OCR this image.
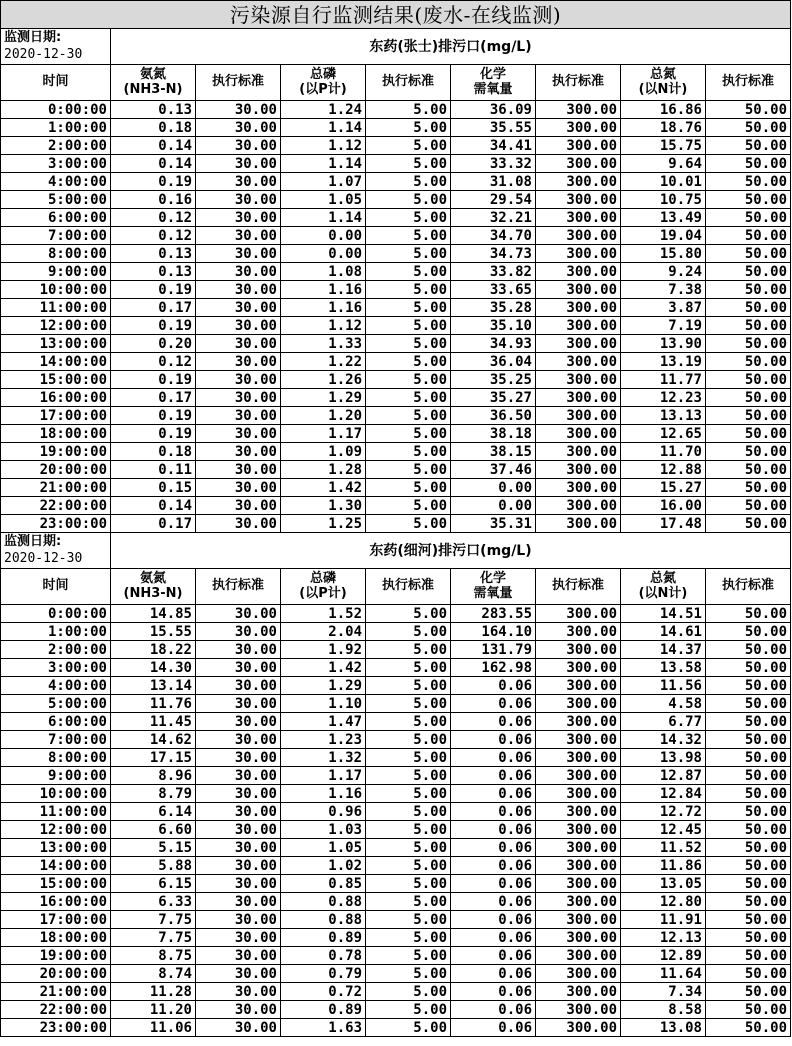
污染源自行监测结果(废水-在线监测)								

监测日期:
2020-12-30	东药(张士)排污口(mg/L)							

时间	氨氮
(NH3-N)	执行标准	总磷
(以P计)	执行标准	化学
需氧量	执行标准	总氮
(以N计)	执行标准

0:00:00	0.13	30.00	1.24	5.00	36.09	300.00	16.86	50.00
1:00:00	0.18	30.00	1.14	5.00	35.55	300.00	18.76	50.00
2:00:00	0.14	30.00	1.12	5.00	34.41	300.00	15.75	50.00
3:00:00	0.14	30.00	1.14	5.00	33.32	300.00	9.64	50.00
4:00:00	0.19	30.00	1.07	5.00	31.08	300.00	10.01	50.00
5:00:00	0.16	30.00	1.05	5.00	29.54	300.00	10.75	50.00
6:00:00	0.12	30.00	1.14	5.00	32.21	300.00	13.49	50.00
7:00:00	0.12	30.00	0.00	5.00	34.70	300.00	19.04	50.00
8:00:00	0.13	30.00	0.00	5.00	34.73	300.00	15.80	50.00
9:00:00	0.13	30.00	1.08	5.00	33.82	300.00	9.24	50.00
10:00:00	0.19	30.00	1.16	5.00	33.65	300.00	7.38	50.00
11:00:00	0.17	30.00	1.16	5.00	35.28	300.00	3.87	50.00
12:00:00	0.19	30.00	1.12	5.00	35.10	300.00	7.19	50.00
13:00:00	0.20	30.00	1.33	5.00	34.93	300.00	13.90	50.00
14:00:00	0.12	30.00	1.22	5.00	36.04	300.00	13.19	50.00
15:00:00	0.19	30.00	1.26	5.00	35.25	300.00	11.77	50.00
16:00:00	0.17	30.00	1.29	5.00	35.27	300.00	12.23	50.00
17:00:00	0.19	30.00	1.20	5.00	36.50	300.00	13.13	50.00
18:00:00	0.19	30.00	1.17	5.00	38.18	300.00	12.65	50.00
19:00:00	0.18	30.00	1.09	5.00	38.15	300.00	11.70	50.00
20:00:00	0.11	30.00	1.28	5.00	37.46	300.00	12.88	50.00
21:00:00	0.15	30.00	1.42	5.00	0.00	300.00	15.27	50.00
22:00:00	0.14	30.00	1.30	5.00	0.00	300.00	16.00	50.00
23:00:00	0.17	30.00	1.25	5.00	35.31	300.00	17.48	50.00

监测日期:
2020-12-30	东药(细河)排污口(mg/L)							

时间	氨氮
(NH3-N)	执行标准	总磷
(以P计)	执行标准	化学
需氧量	执行标准	总氮
(以N计)	执行标准

0:00:00	14.85	30.00	1.52	5.00	283.55	300.00	14.51	50.00
1:00:00	15.55	30.00	2.04	5.00	164.10	300.00	14.61	50.00
2:00:00	18.22	30.00	1.92	5.00	131.79	300.00	14.37	50.00
3:00:00	14.30	30.00	1.42	5.00	162.98	300.00	13.58	50.00
4:00:00	13.14	30.00	1.29	5.00	0.06	300.00	11.56	50.00
5:00:00	11.76	30.00	1.10	5.00	0.06	300.00	4.58	50.00
6:00:00	11.45	30.00	1.47	5.00	0.06	300.00	6.77	50.00
7:00:00	14.62	30.00	1.23	5.00	0.06	300.00	14.32	50.00
8:00:00	17.15	30.00	1.32	5.00	0.06	300.00	13.98	50.00
9:00:00	8.96	30.00	1.17	5.00	0.06	300.00	12.87	50.00
10:00:00	8.79	30.00	1.16	5.00	0.06	300.00	12.84	50.00
11:00:00	6.14	30.00	0.96	5.00	0.06	300.00	12.72	50.00
12:00:00	6.60	30.00	1.03	5.00	0.06	300.00	12.45	50.00
13:00:00	5.15	30.00	1.05	5.00	0.06	300.00	11.52	50.00
14:00:00	5.88	30.00	1.02	5.00	0.06	300.00	11.86	50.00
15:00:00	6.15	30.00	0.85	5.00	0.06	300.00	13.05	50.00
16:00:00	6.33	30.00	0.88	5.00	0.06	300.00	12.80	50.00
17:00:00	7.75	30.00	0.88	5.00	0.06	300.00	11.91	50.00
18:00:00	7.75	30.00	0.89	5.00	0.06	300.00	12.13	50.00
19:00:00	8.75	30.00	0.78	5.00	0.06	300.00	12.89	50.00
20:00:00	8.74	30.00	0.79	5.00	0.06	300.00	11.64	50.00
21:00:00	11.28	30.00	0.72	5.00	0.06	300.00	7.34	50.00
22:00:00	11.20	30.00	0.89	5.00	0.06	300.00	8.58	50.00
23:00:00	11.06	30.00	1.63	5.00	0.06	300.00	13.08	50.00
